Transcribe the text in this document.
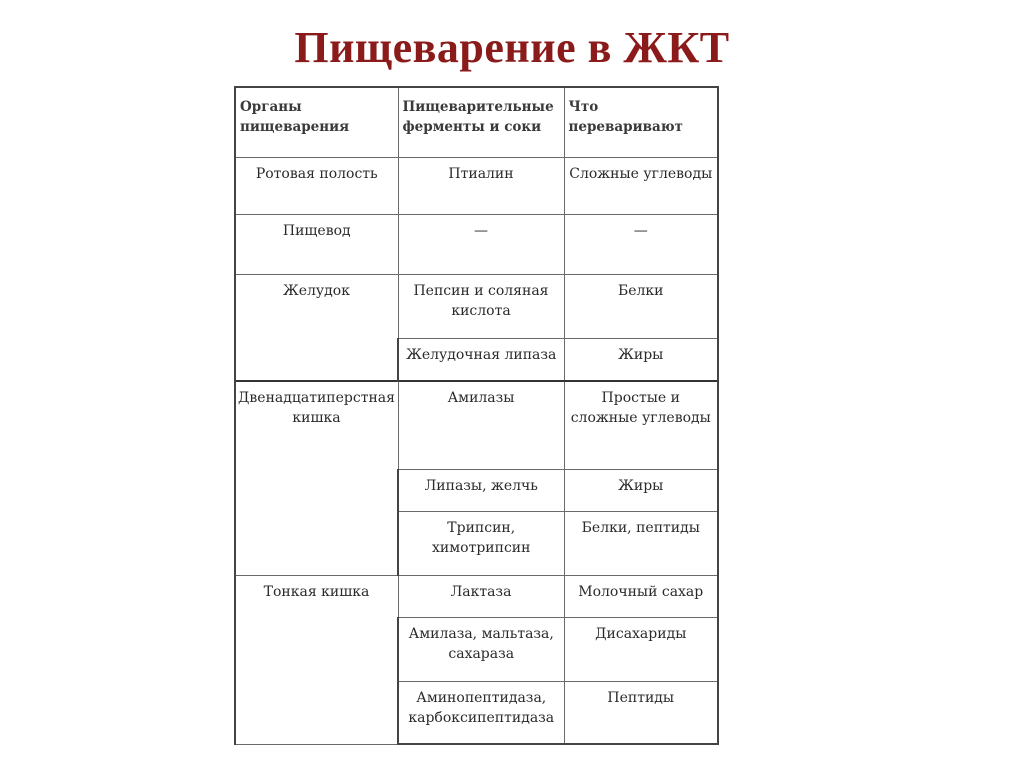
Пищеварение в ЖКТ
Органы пищеварения	Пищеварительные ферменты и соки	Что переваривают
Ротовая полость	Птиалин	Сложные углеводы
Пищевод	—	—
Желудок	Пепсин и соляная кислота	Белки
	Желудочная липаза	Жиры
Двенадцатиперстная кишка	Амилазы	Простые и сложные углеводы
	Липазы, желчь	Жиры
	Трипсин, химотрипсин	Белки, пептиды
Тонкая кишка	Лактаза	Молочный сахар
	Амилаза, мальтаза, сахараза	Дисахариды
	Аминопептидаза, карбоксипептидаза	Пептиды
